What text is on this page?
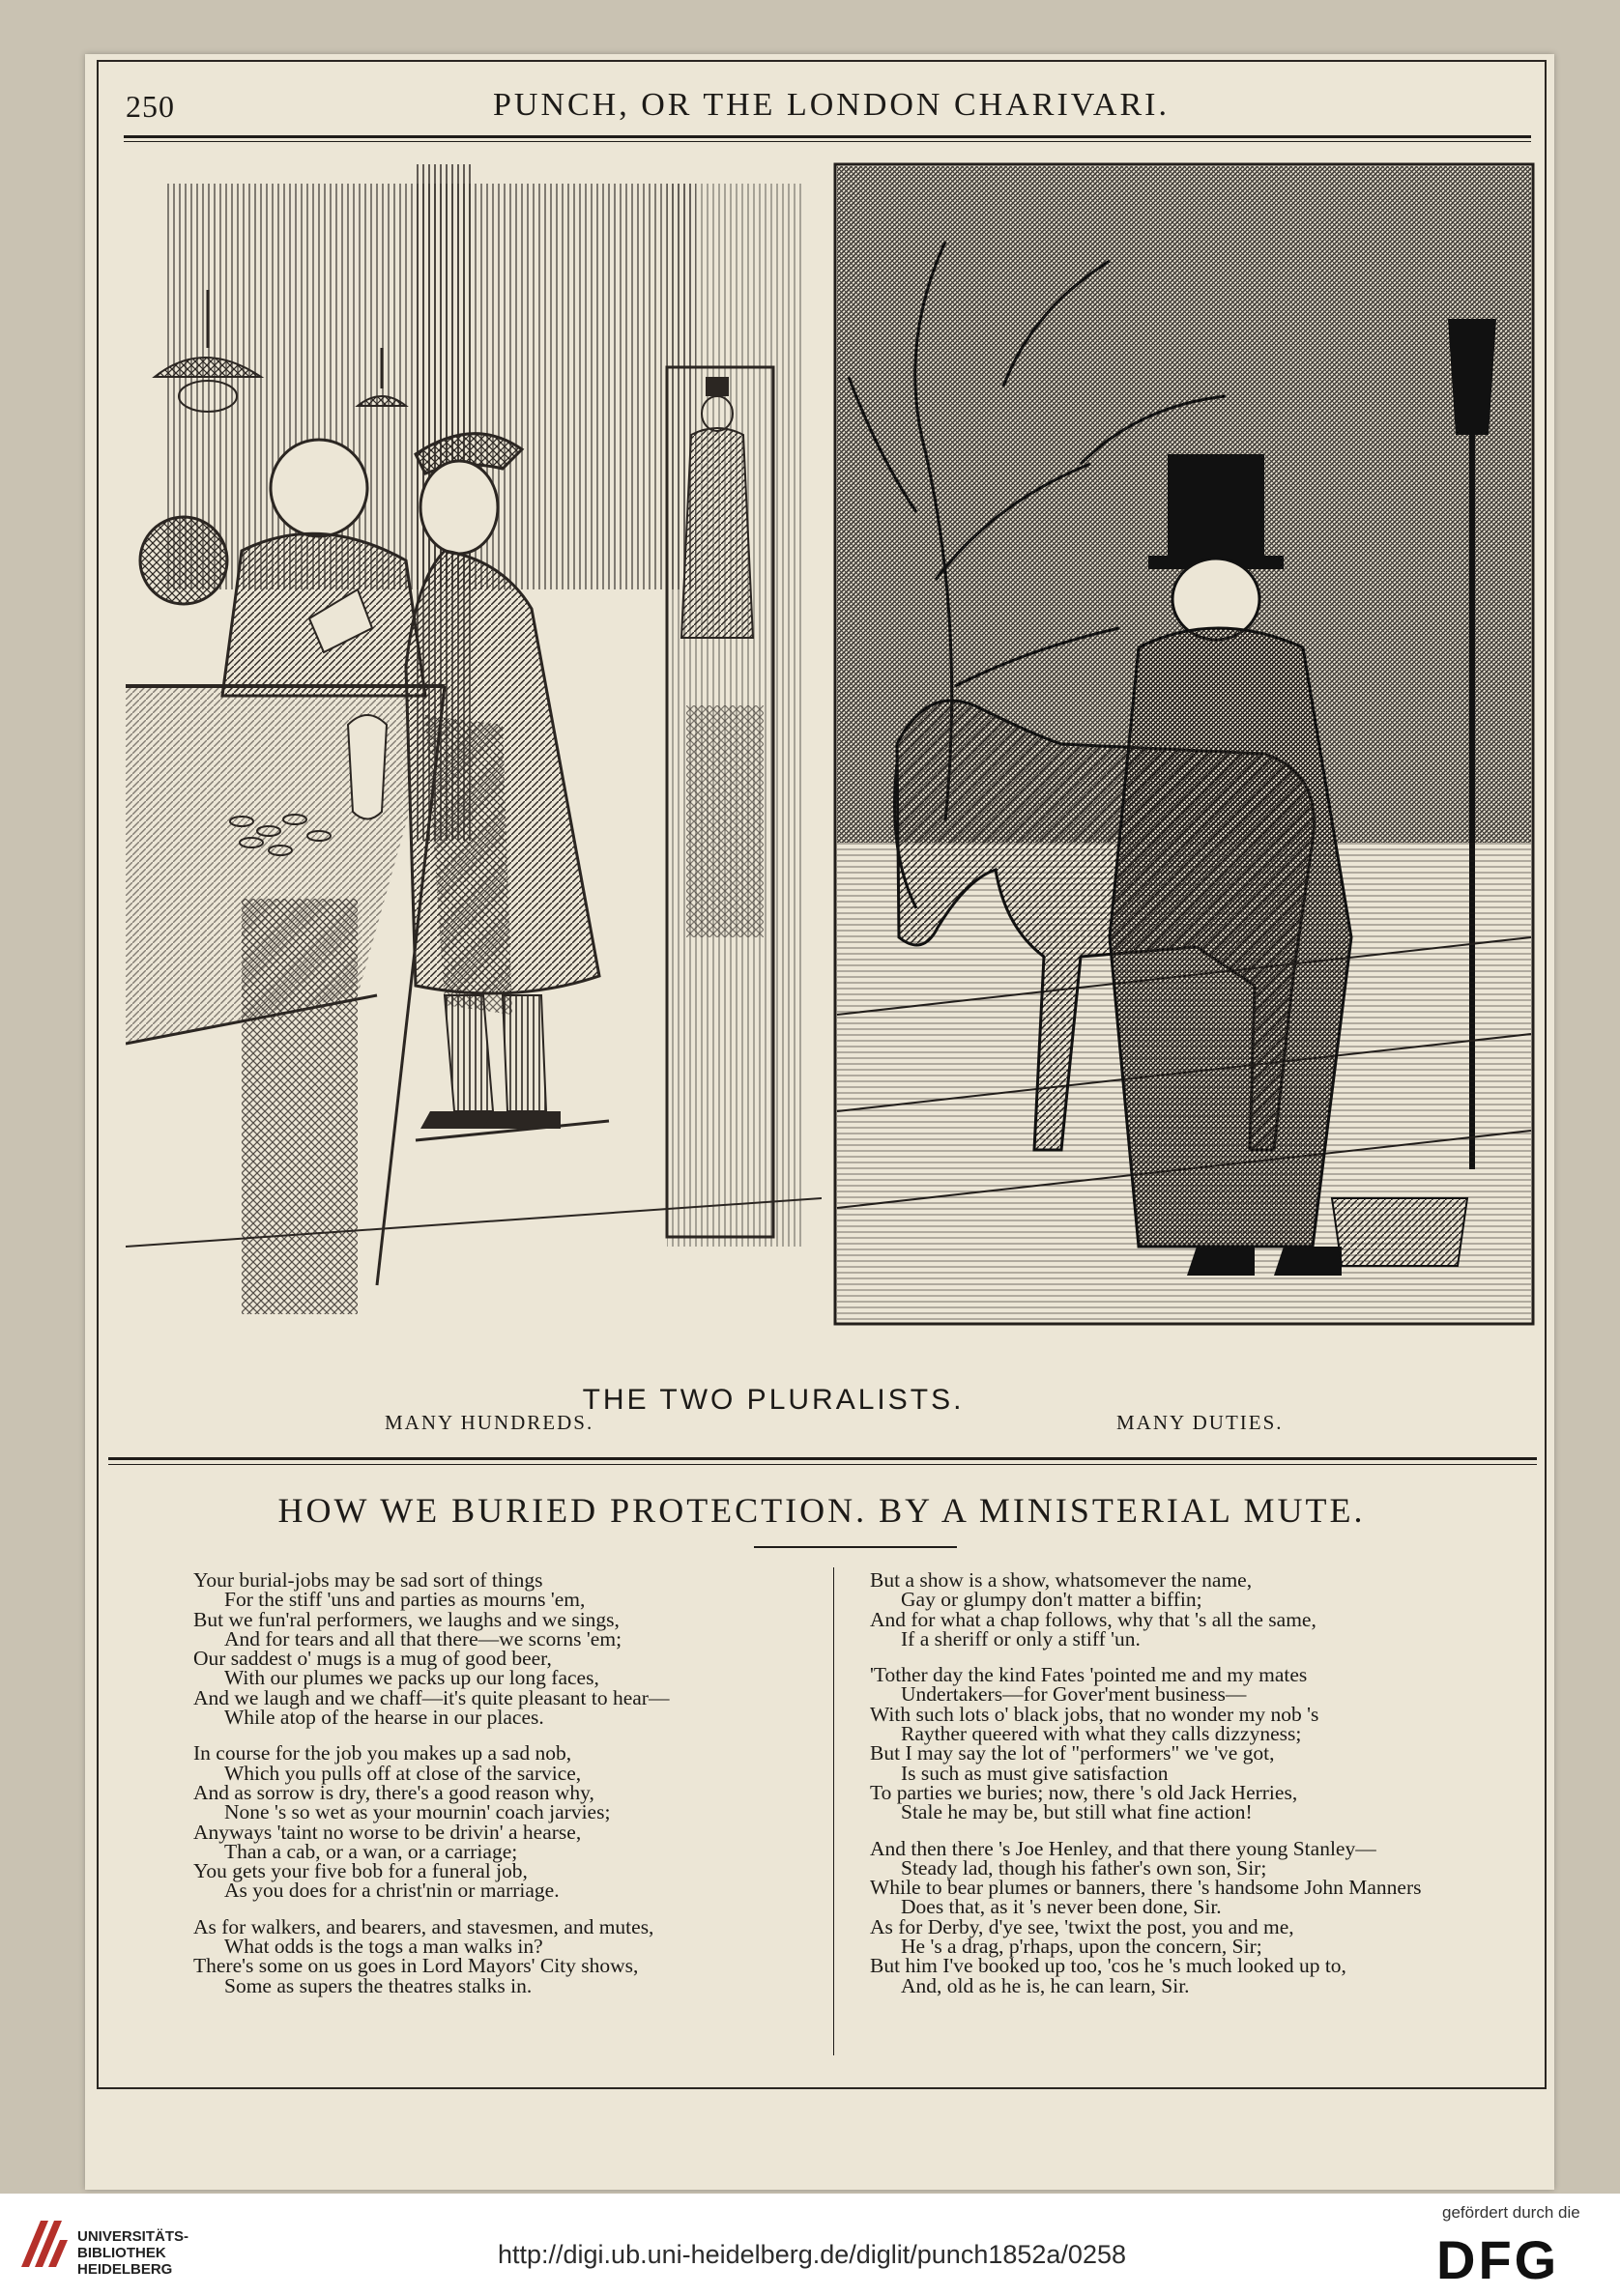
250	PUNCH, OR THE LONDON CHARIVARI.
THE TWO PLURALISTS.
MANY HUNDREDS.	MANY DUTIES.
HOW WE BURIED PROTECTION. BY A MINISTERIAL MUTE.
Your burial-jobs may be sad sort of things
For the stiff 'uns and parties as mourns 'em,
But we fun'ral performers, we laughs and we sings,
And for tears and all that there—we scorns 'em;
Our saddest o' mugs is a mug of good beer,
With our plumes we packs up our long faces,
And we laugh and we chaff—it's quite pleasant to hear—
While atop of the hearse in our places.
In course for the job you makes up a sad nob,
Which you pulls off at close of the sarvice,
And as sorrow is dry, there's a good reason why,
None 's so wet as your mournin' coach jarvies;
Anyways 'taint no worse to be drivin' a hearse,
Than a cab, or a wan, or a carriage;
You gets your five bob for a funeral job,
As you does for a christ'nin or marriage.
As for walkers, and bearers, and stavesmen, and mutes,
What odds is the togs a man walks in?
There's some on us goes in Lord Mayors' City shows,
Some as supers the theatres stalks in.
But a show is a show, whatsomever the name,
Gay or glumpy don't matter a biffin;
And for what a chap follows, why that 's all the same,
If a sheriff or only a stiff 'un.
'Tother day the kind Fates 'pointed me and my mates
Undertakers—for Gover'ment business—
With such lots o' black jobs, that no wonder my nob 's
Rayther queered with what they calls dizzyness;
But I may say the lot of "performers" we 've got,
Is such as must give satisfaction
To parties we buries; now, there 's old Jack Herries,
Stale he may be, but still what fine action!
And then there 's Joe Henley, and that there young Stanley—
Steady lad, though his father's own son, Sir;
While to bear plumes or banners, there 's handsome John Manners
Does that, as it 's never been done, Sir.
As for Derby, d'ye see, 'twixt the post, you and me,
He 's a drag, p'rhaps, upon the concern, Sir;
But him I've booked up too, 'cos he 's much looked up to,
And, old as he is, he can learn, Sir.
UNIVERSITÄTS-
BIBLIOTHEK
HEIDELBERG
http://digi.ub.uni-heidelberg.de/diglit/punch1852a/0258
gefördert durch die
DFG
